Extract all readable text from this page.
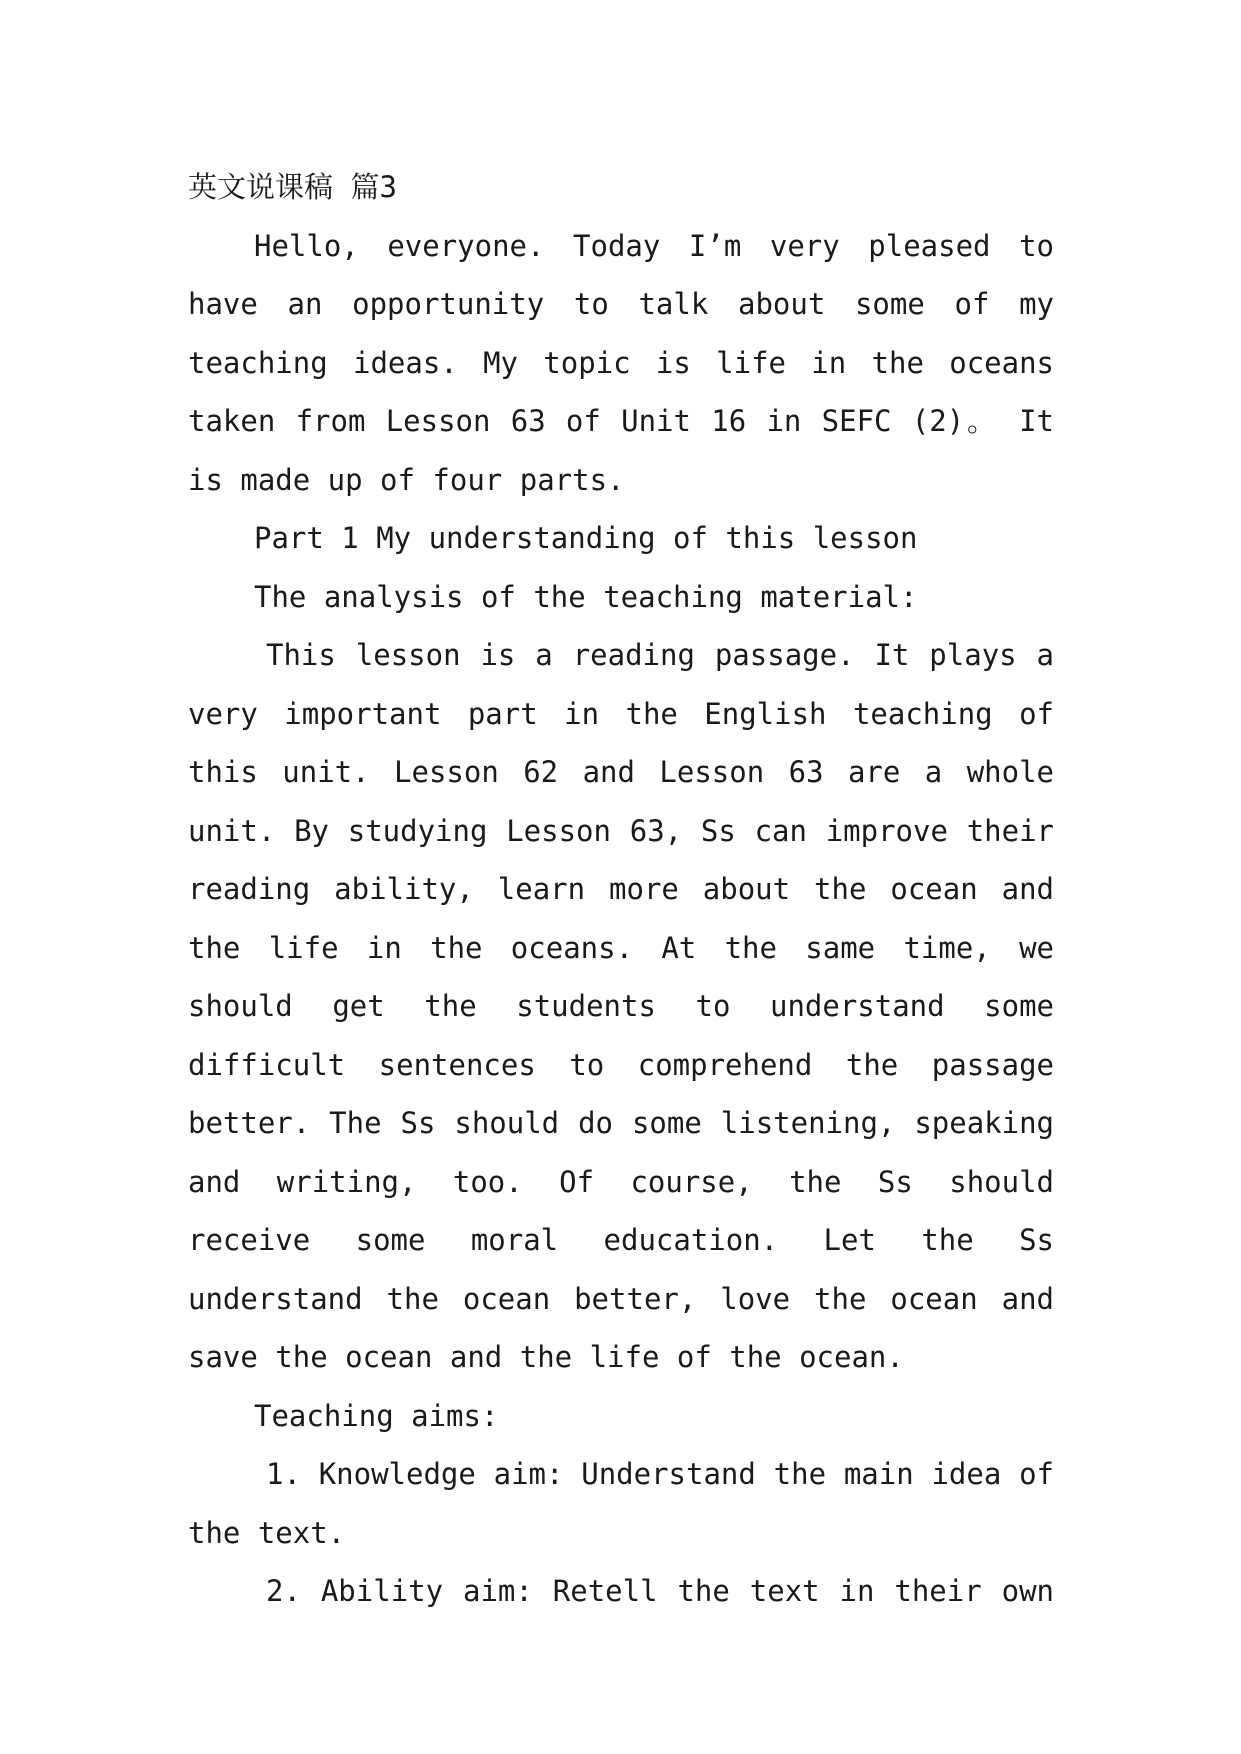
英文说课稿 篇3

Hello, everyone. Today I’m very pleased to have an opportunity to talk about some of my teaching ideas. My topic is life in the oceans taken from Lesson 63 of Unit 16 in SEFC (2)。 It is made up of four parts.

Part 1 My understanding of this lesson

The analysis of the teaching material:

This lesson is a reading passage. It plays a very important part in the English teaching of this unit. Lesson 62 and Lesson 63 are a whole unit. By studying Lesson 63, Ss can improve their reading ability, learn more about the ocean and the life in the oceans. At the same time, we should get the students to understand some difficult sentences to comprehend the passage better. The Ss should do some listening, speaking and writing, too. Of course, the Ss should receive some moral education. Let the Ss understand the ocean better, love the ocean and save the ocean and the life of the ocean.

Teaching aims:

1. Knowledge aim: Understand the main idea of the text.

2. Ability aim: Retell the text in their own
